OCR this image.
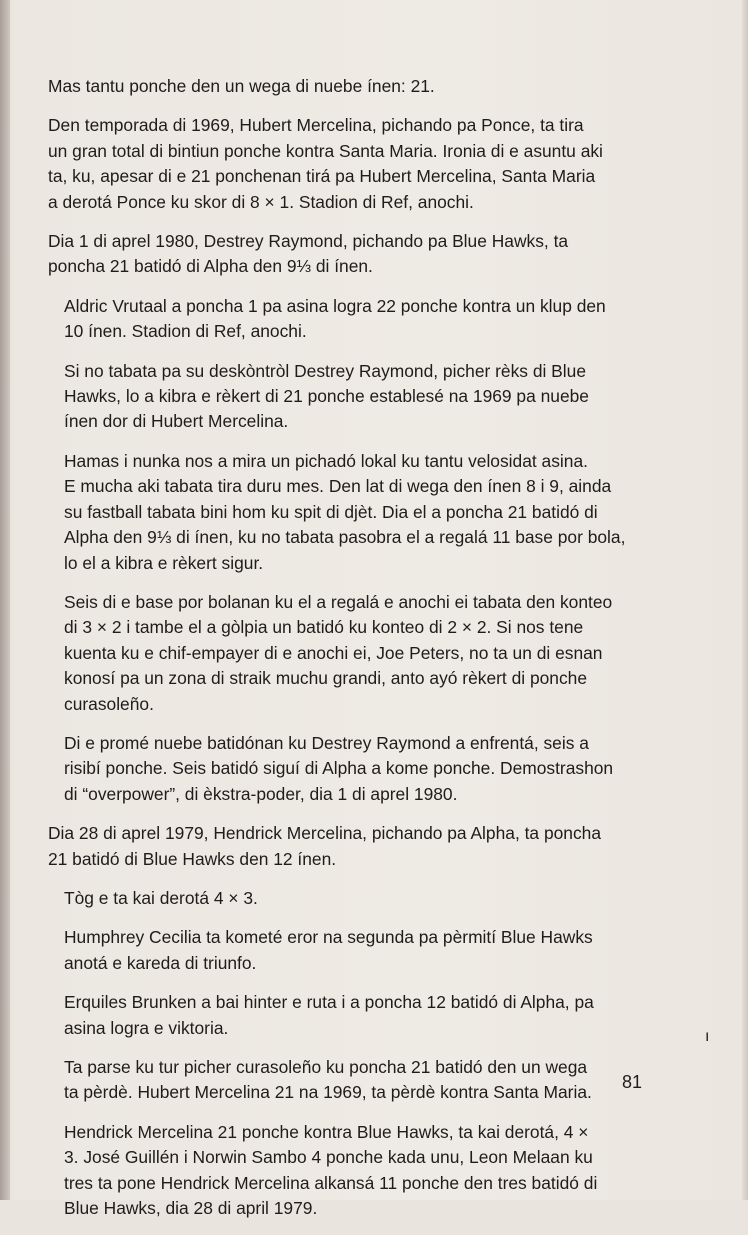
Mas tantu ponche den un wega di nuebe ínen: 21.

Den temporada di 1969, Hubert Mercelina, pichando pa Ponce, ta tira
un gran total di bintiun ponche kontra Santa Maria. Ironia di e asuntu aki
ta, ku, apesar di e 21 ponchenan tirá pa Hubert Mercelina, Santa Maria
a derotá Ponce ku skor di 8 × 1. Stadion di Ref, anochi.

Dia 1 di aprel 1980, Destrey Raymond, pichando pa Blue Hawks, ta
poncha 21 batidó di Alpha den 9⅓ di ínen.

Aldric Vrutaal a poncha 1 pa asina logra 22 ponche kontra un klup den
10 ínen. Stadion di Ref, anochi.

Si no tabata pa su deskòntròl Destrey Raymond, picher rèks di Blue
Hawks, lo a kibra e rèkert di 21 ponche establesé na 1969 pa nuebe
ínen dor di Hubert Mercelina.

Hamas i nunka nos a mira un pichadó lokal ku tantu velosidat asina.
E mucha aki tabata tira duru mes. Den lat di wega den ínen 8 i 9, ainda
su fastball tabata bini hom ku spit di djèt. Dia el a poncha 21 batidó di
Alpha den 9⅓ di ínen, ku no tabata pasobra el a regalá 11 base por bola,
lo el a kibra e rèkert sigur.

Seis di e base por bolanan ku el a regalá e anochi ei tabata den konteo
di 3 × 2 i tambe el a gòlpia un batidó ku konteo di 2 × 2. Si nos tene
kuenta ku e chif-empayer di e anochi ei, Joe Peters, no ta un di esnan
konosí pa un zona di straik muchu grandi, anto ayó rèkert di ponche
curasoleño.

Di e promé nuebe batidónan ku Destrey Raymond a enfrentá, seis a
risibí ponche. Seis batidó siguí di Alpha a kome ponche. Demostrashon
di “overpower”, di èkstra-poder, dia 1 di aprel 1980.

Dia 28 di aprel 1979, Hendrick Mercelina, pichando pa Alpha, ta poncha
21 batidó di Blue Hawks den 12 ínen.

Tòg e ta kai derotá 4 × 3.

Humphrey Cecilia ta kometé eror na segunda pa pèrmití Blue Hawks
anotá e kareda di triunfo.

Erquiles Brunken a bai hinter e ruta i a poncha 12 batidó di Alpha, pa
asina logra e viktoria.

Ta parse ku tur picher curasoleño ku poncha 21 batidó den un wega
ta pèrdè. Hubert Mercelina 21 na 1969, ta pèrdè kontra Santa Maria.

Hendrick Mercelina 21 ponche kontra Blue Hawks, ta kai derotá, 4 ×
3. José Guillén i Norwin Sambo 4 ponche kada unu, Leon Melaan ku
tres ta pone Hendrick Mercelina alkansá 11 ponche den tres batidó di
Blue Hawks, dia 28 di april 1979.

ı
81
